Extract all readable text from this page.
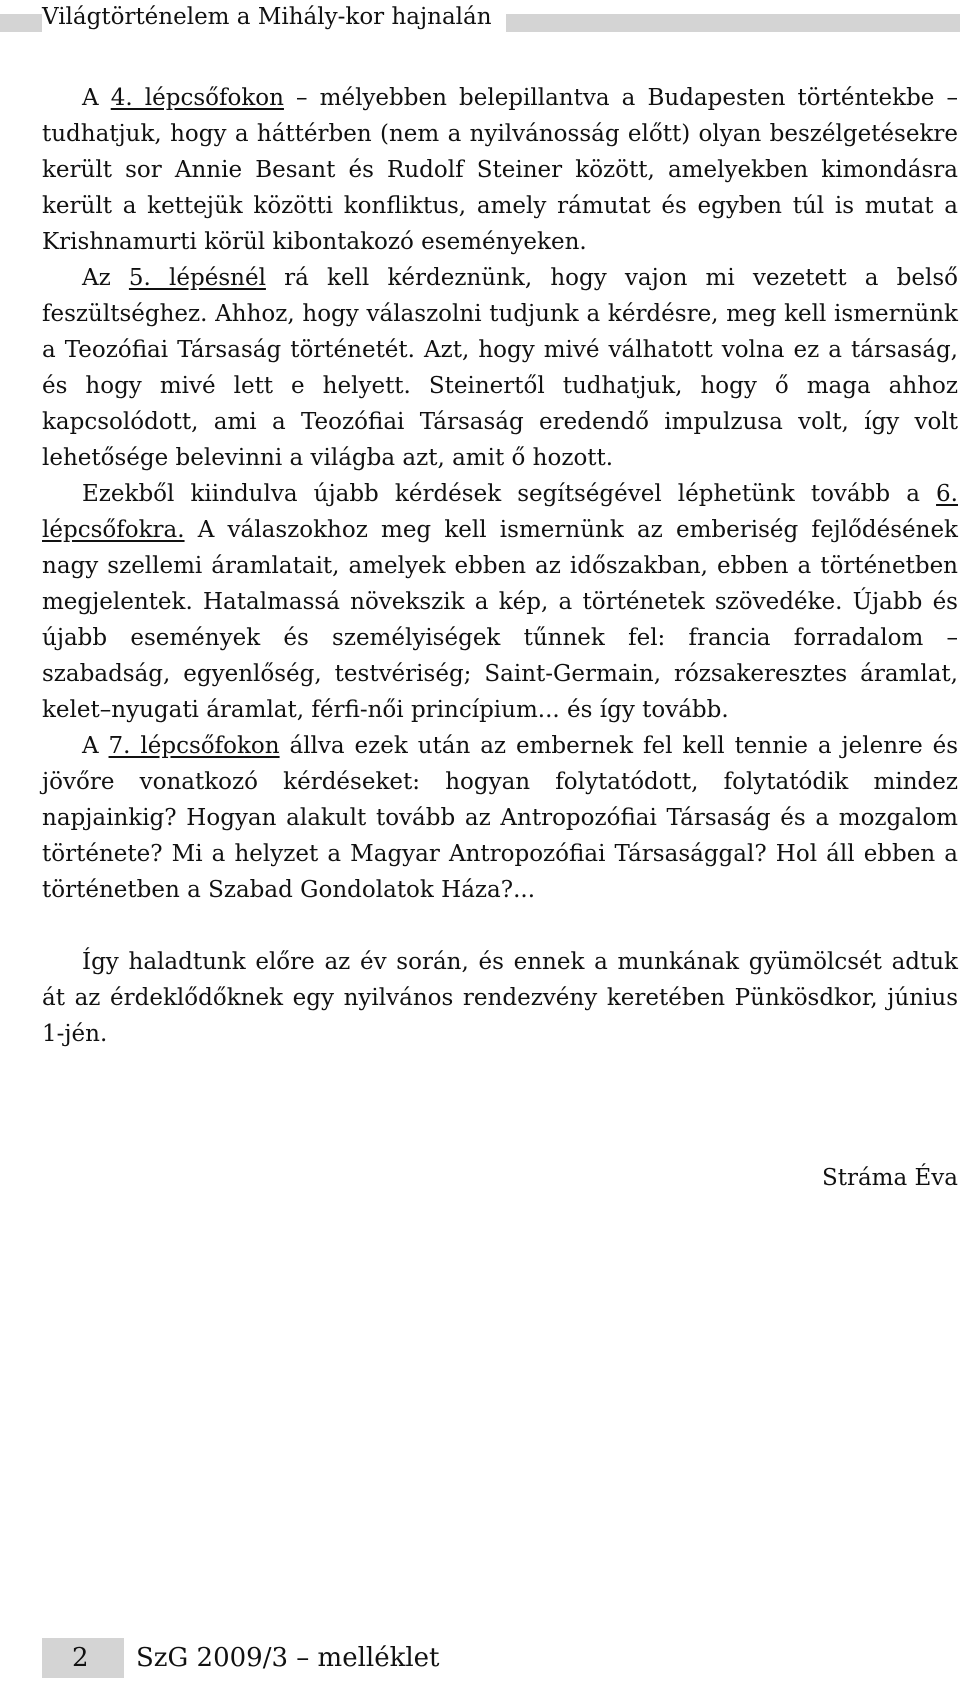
Világtörténelem a Mihály-kor hajnalán

A 4. lépcsőfokon – mélyebben belepillantva a Budapesten történtekbe – tudhatjuk, hogy a háttérben (nem a nyilvánosság előtt) olyan beszélgetésekre került sor Annie Besant és Rudolf Steiner között, amelyekben kimondásra került a kettejük közötti konfliktus, amely rámutat és egyben túl is mutat a Krishnamurti körül kibontakozó eseményeken.

Az 5. lépésnél rá kell kérdeznünk, hogy vajon mi vezetett a belső feszültséghez. Ahhoz, hogy válaszolni tudjunk a kérdésre, meg kell ismernünk a Teozófiai Társaság történetét. Azt, hogy mivé válhatott volna ez a társaság, és hogy mivé lett e helyett. Steinertől tudhatjuk, hogy ő maga ahhoz kapcsolódott, ami a Teozófiai Társaság eredendő impulzusa volt, így volt lehetősége belevinni a világba azt, amit ő hozott.

Ezekből kiindulva újabb kérdések segítségével léphetünk tovább a 6. lépcsőfokra. A válaszokhoz meg kell ismernünk az emberiség fejlődésének nagy szellemi áramlatait, amelyek ebben az időszakban, ebben a történetben megjelentek. Hatalmassá növekszik a kép, a történetek szövedéke. Újabb és újabb események és személyiségek tűnnek fel: francia forradalom – szabadság, egyenlőség, testvériség; Saint-Germain, rózsakeresztes áramlat, kelet–nyugati áramlat, férfi-női princípium... és így tovább.

A 7. lépcsőfokon állva ezek után az embernek fel kell tennie a jelenre és jövőre vonatkozó kérdéseket: hogyan folytatódott, folytatódik mindez napjainkig? Hogyan alakult tovább az Antropozófiai Társaság és a mozgalom története? Mi a helyzet a Magyar Antropozófiai Társasággal? Hol áll ebben a történetben a Szabad Gondolatok Háza?...

Így haladtunk előre az év során, és ennek a munkának gyümölcsét adtuk át az érdeklődőknek egy nyilvános rendezvény keretében Pünkösdkor, június 1-jén.

Stráma Éva
2 SzG 2009/3 – melléklet
